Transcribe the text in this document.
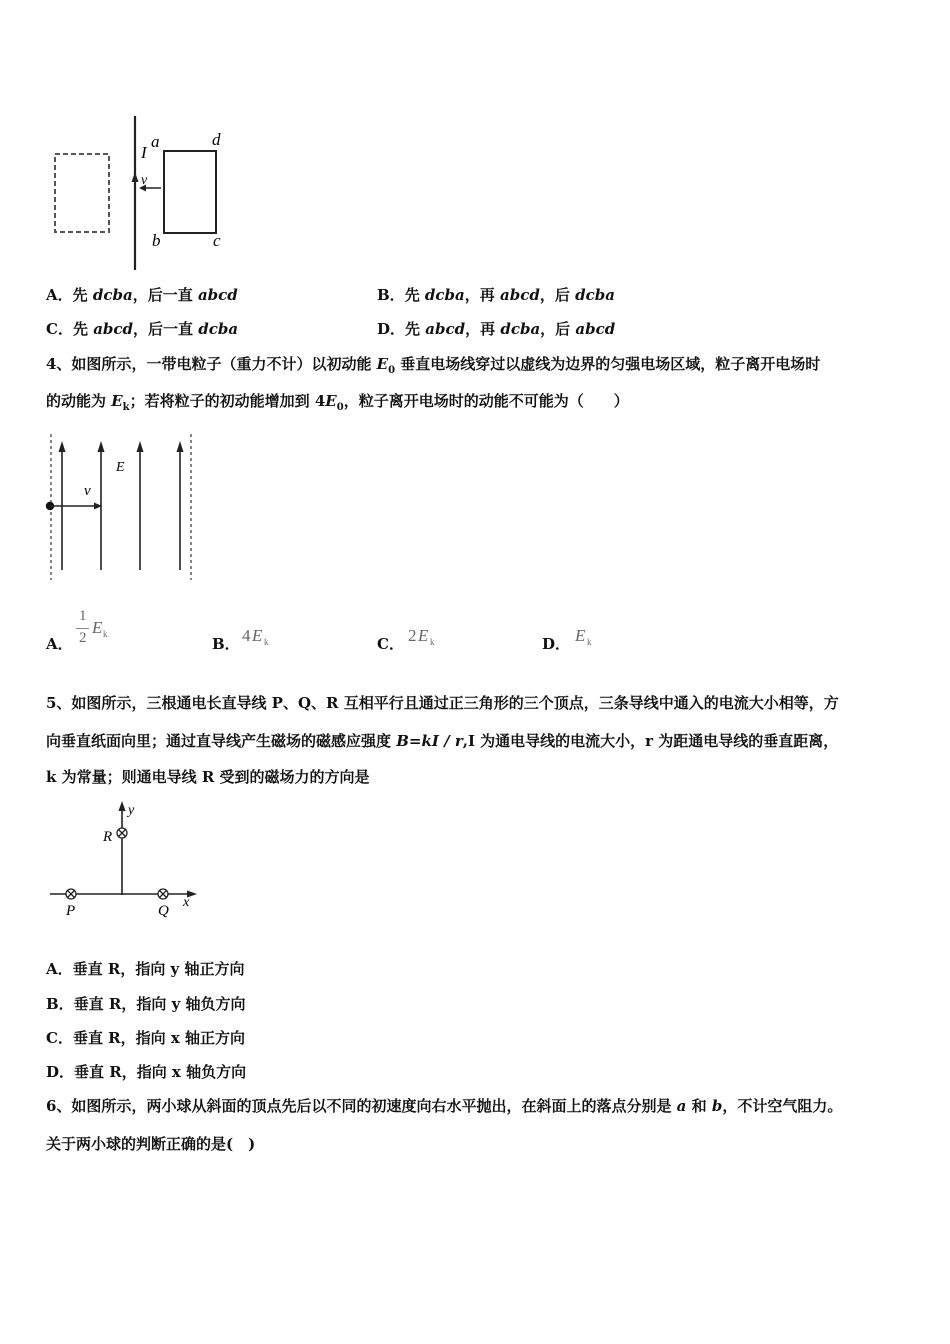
I
v
a	d
b	c
A．先 dcba，后一直 abcd	B．先 dcba，再 abcd，后 dcba
C．先 abcd，后一直 dcba	D．先 abcd，再 dcba，后 abcd
4、如图所示，一带电粒子（重力不计）以初动能 $E_0$ 垂直电场线穿过以虚线为边界的匀强电场区域，粒子离开电场时
的动能为 $E_k$；若将粒子的初动能增加到 $4E_0$，粒子离开电场时的动能不可能为（　　）
E
v
A．
1
2
E k
B． 4 E k	C． 2 E k	D． E k
5、如图所示，三根通电长直导线 P、Q、R 互相平行且通过正三角形的三个顶点，三条导线中通入的电流大小相等，方
向垂直纸面向里；通过直导线产生磁场的磁感应强度 B=kI / r,I 为通电导线的电流大小，r 为距通电导线的垂直距离，
k 为常量；则通电导线 R 受到的磁场力的方向是
y
x
R
P	Q
A．垂直 R，指向 y 轴正方向
B．垂直 R，指向 y 轴负方向
C．垂直 R，指向 x 轴正方向
D．垂直 R，指向 x 轴负方向
6、如图所示，两小球从斜面的顶点先后以不同的初速度向右水平抛出，在斜面上的落点分别是 a 和 b，不计空气阻力。
关于两小球的判断正确的是(　)
